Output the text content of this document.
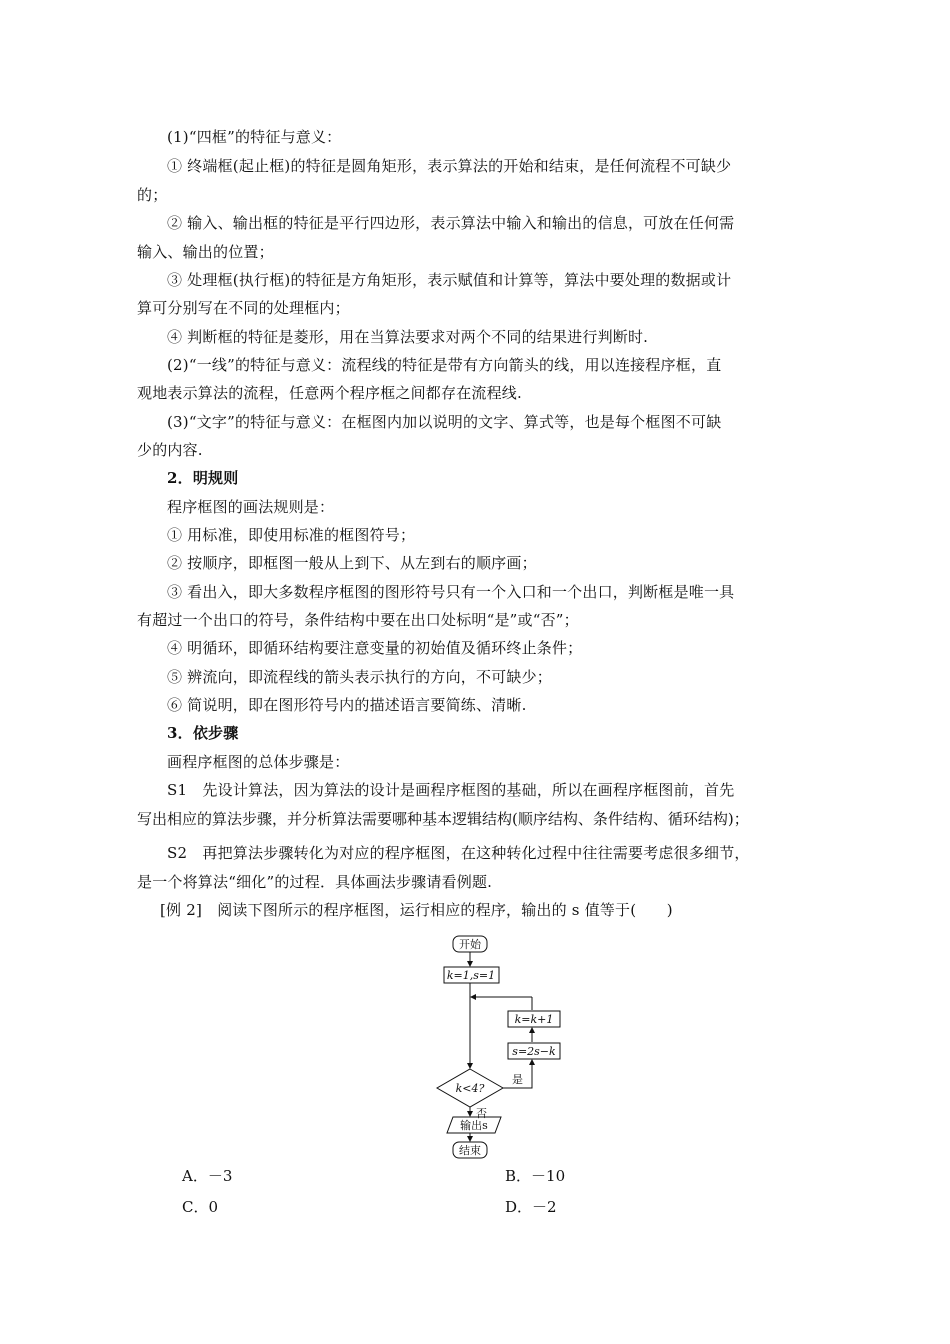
(1)“四框”的特征与意义：
① 终端框(起止框)的特征是圆角矩形，表示算法的开始和结束，是任何流程不可缺少
的；
② 输入、输出框的特征是平行四边形，表示算法中输入和输出的信息，可放在任何需
输入、输出的位置；
③ 处理框(执行框)的特征是方角矩形，表示赋值和计算等，算法中要处理的数据或计
算可分别写在不同的处理框内；
④ 判断框的特征是菱形，用在当算法要求对两个不同的结果进行判断时.
(2)“一线”的特征与意义：流程线的特征是带有方向箭头的线，用以连接程序框，直
观地表示算法的流程，任意两个程序框之间都存在流程线.
(3)“文字”的特征与意义：在框图内加以说明的文字、算式等，也是每个框图不可缺
少的内容.
2．明规则
程序框图的画法规则是：
① 用标准，即使用标准的框图符号；
② 按顺序，即框图一般从上到下、从左到右的顺序画；
③ 看出入，即大多数程序框图的图形符号只有一个入口和一个出口，判断框是唯一具
有超过一个出口的符号，条件结构中要在出口处标明“是”或“否”；
④ 明循环，即循环结构要注意变量的初始值及循环终止条件；
⑤ 辨流向，即流程线的箭头表示执行的方向，不可缺少；
⑥ 简说明，即在图形符号内的描述语言要简练、清晰.
3．依步骤
画程序框图的总体步骤是：
S1　先设计算法，因为算法的设计是画程序框图的基础，所以在画程序框图前，首先
写出相应的算法步骤，并分析算法需要哪种基本逻辑结构(顺序结构、条件结构、循环结构)；
S2　再把算法步骤转化为对应的程序框图，在这种转化过程中往往需要考虑很多细节，
是一个将算法“细化”的过程．具体画法步骤请看例题.
[例 2]　阅读下图所示的程序框图，运行相应的程序，输出的 s 值等于(　　)
开始
k=1,s=1
k=k+1
s=2s−k
k<4?
是
否
输出s
结束
A．－3	B．－10
C．0	D．－2
